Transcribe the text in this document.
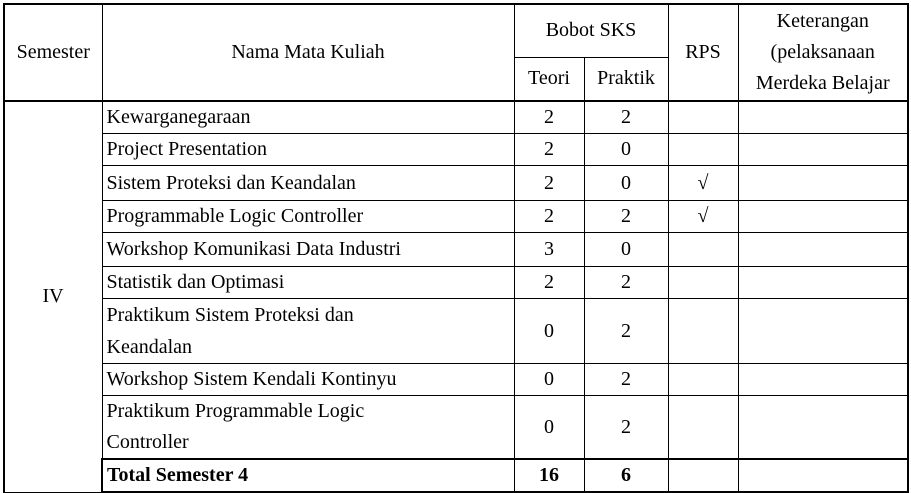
Semester	Nama Mata Kuliah	Bobot SKS		RPS	Keterangan (pelaksanaan Merdeka Belajar
		Teori	Praktik		
IV	Kewarganegaraan	2	2		
	Project Presentation	2	0		
	Sistem Proteksi dan Keandalan	2	0	√	
	Programmable Logic Controller	2	2	√	
	Workshop Komunikasi Data Industri	3	0		
	Statistik dan Optimasi	2	2		
	Praktikum Sistem Proteksi dan Keandalan	0	2		
	Workshop Sistem Kendali Kontinyu	0	2		
	Praktikum Programmable Logic Controller	0	2		
	Total Semester 4	16	6		
